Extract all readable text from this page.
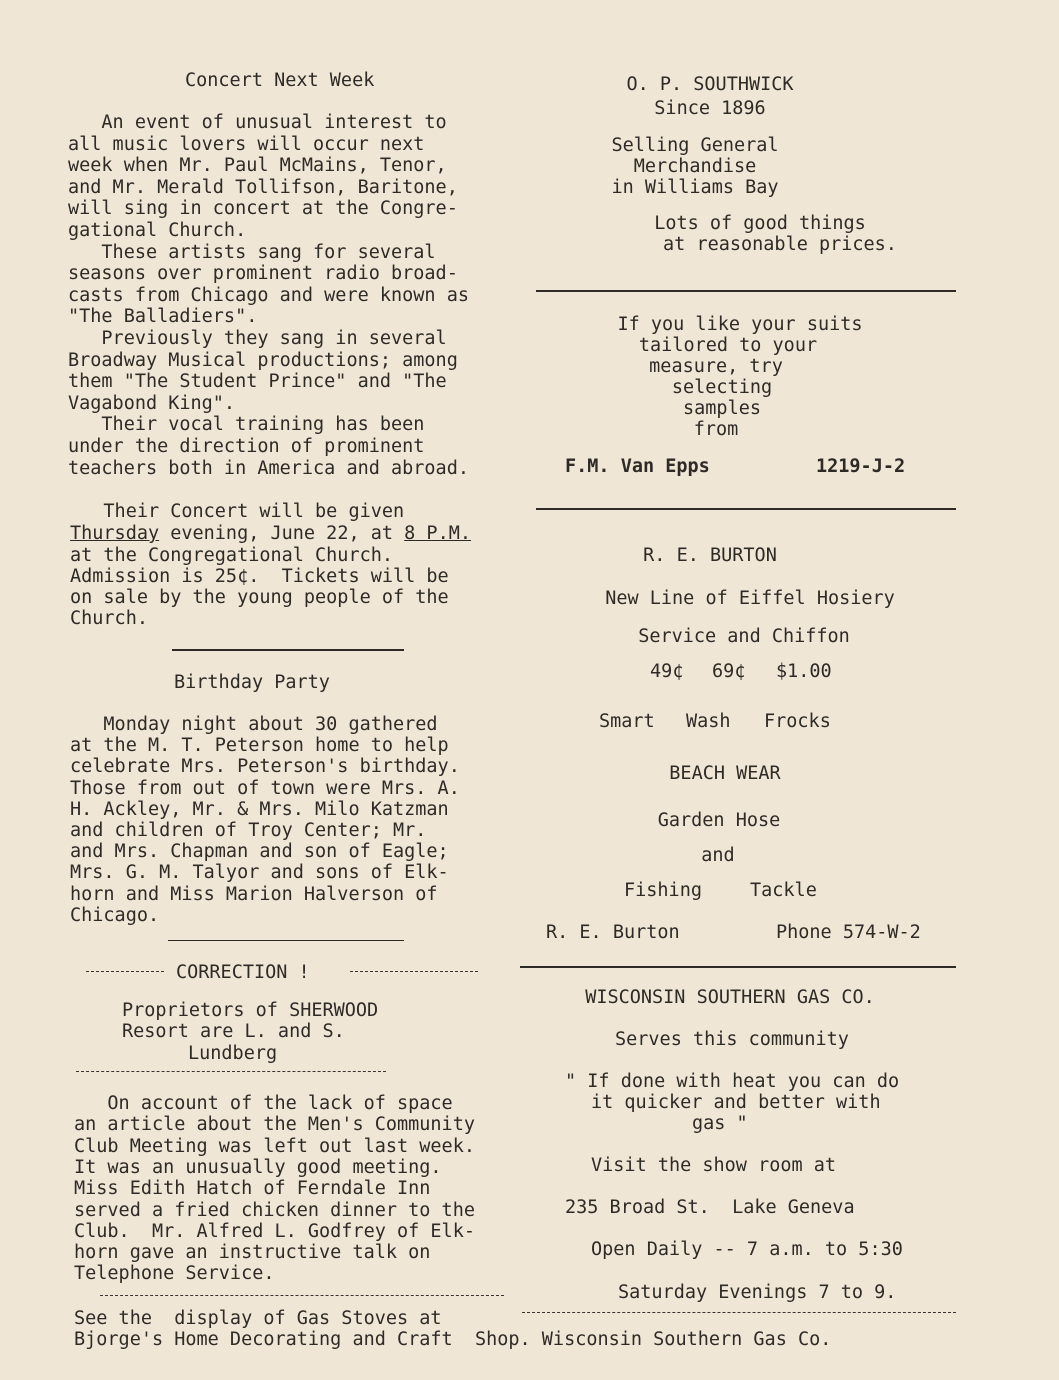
Concert Next Week
An event of unusual interest to
all music lovers will occur next
week when Mr. Paul McMains, Tenor,
and Mr. Merald Tollifson, Baritone,
will sing in concert at the Congre-
gational Church.
These artists sang for several
seasons over prominent radio broad-
casts from Chicago and were known as
"The Balladiers".
Previously they sang in several
Broadway Musical productions; among
them "The Student Prince" and "The
Vagabond King".
Their vocal training has been
under the direction of prominent
teachers both in America and abroad.
Their Concert will be given
Thursday evening, June 22, at 8 P.M.
at the Congregational Church.
Admission is 25¢.  Tickets will be
on sale by the young people of the
Church.
Birthday Party
Monday night about 30 gathered
at the M. T. Peterson home to help
celebrate Mrs. Peterson's birthday.
Those from out of town were Mrs. A.
H. Ackley, Mr. & Mrs. Milo Katzman
and children of Troy Center; Mr.
and Mrs. Chapman and son of Eagle;
Mrs. G. M. Talyor and sons of Elk-
horn and Miss Marion Halverson of
Chicago.
CORRECTION !
Proprietors of SHERWOOD
Resort are L. and S.
Lundberg
On account of the lack of space
an article about the Men's Community
Club Meeting was left out last week.
It was an unusually good meeting.
Miss Edith Hatch of Ferndale Inn
served a fried chicken dinner to the
Club.  Mr. Alfred L. Godfrey of Elk-
horn gave an instructive talk on
Telephone Service.
See the  display of Gas Stoves at
Bjorge's Home Decorating and Craft  Shop. Wisconsin Southern Gas Co.
O. P. SOUTHWICK
Since 1896
Selling General
Merchandise
in Williams Bay
Lots of good things
at reasonable prices.
If you like your suits
tailored to your
measure, try
selecting
samples
from
F.M. Van Epps	1219-J-2
R. E. BURTON
New Line of Eiffel Hosiery
Service and Chiffon
49¢ 69¢ $1.00
Smart Wash Frocks
BEACH WEAR
Garden Hose
and
Fishing	Tackle
R. E. Burton	Phone 574-W-2
WISCONSIN SOUTHERN GAS CO.
Serves this community
" If done with heat you can do
it quicker and better with
gas "
Visit the show room at
235 Broad St.  Lake Geneva
Open Daily -- 7 a.m. to 5:30
Saturday Evenings 7 to 9.
